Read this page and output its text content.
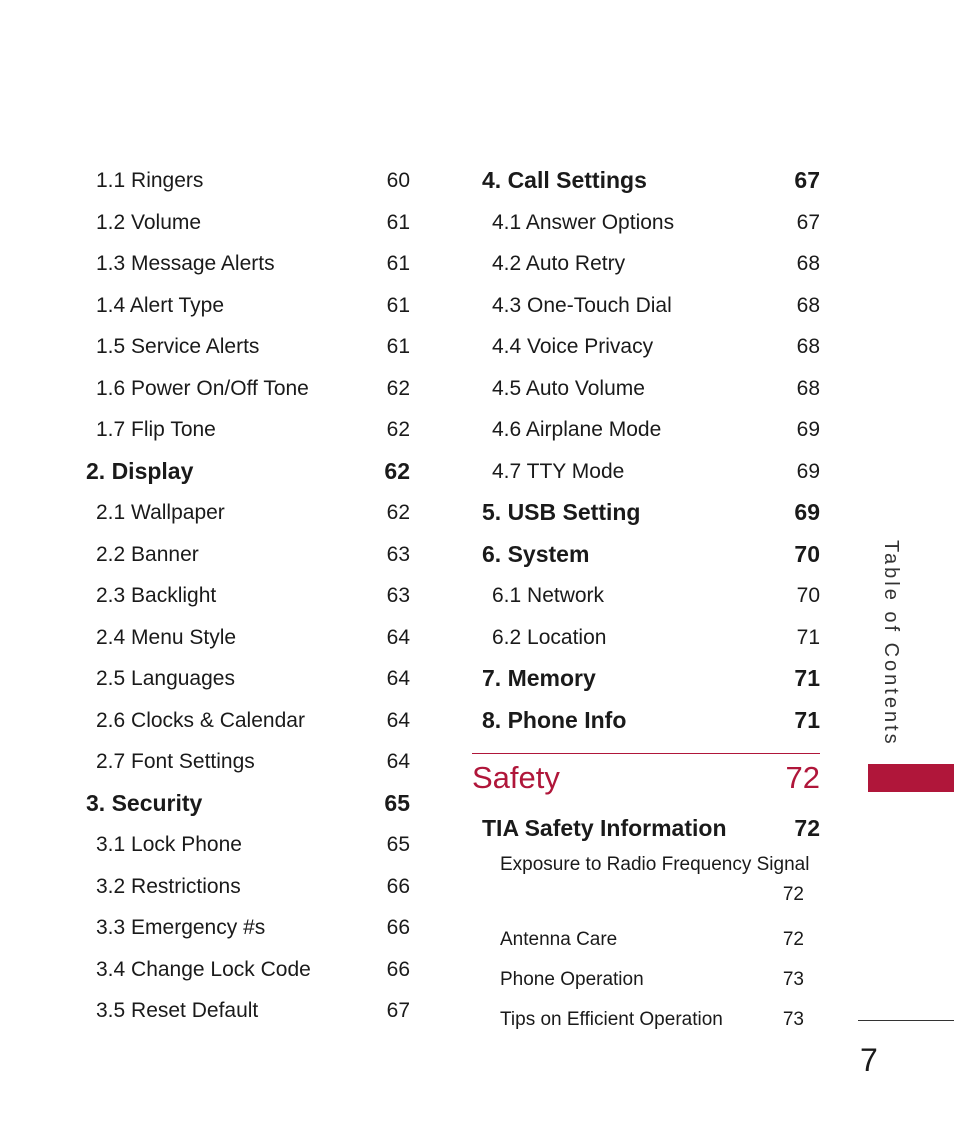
1.1 Ringers	60
1.2 Volume	61
1.3 Message Alerts	61
1.4 Alert Type	61
1.5 Service Alerts	61
1.6 Power On/Off Tone	62
1.7 Flip Tone	62
2. Display	62
2.1 Wallpaper	62
2.2 Banner	63
2.3 Backlight	63
2.4 Menu Style	64
2.5 Languages	64
2.6 Clocks & Calendar	64
2.7 Font Settings	64
3. Security	65
3.1 Lock Phone	65
3.2 Restrictions	66
3.3 Emergency #s	66
3.4 Change Lock Code	66
3.5 Reset Default	67
4. Call Settings	67
4.1 Answer Options	67
4.2 Auto Retry	68
4.3 One-Touch Dial	68
4.4 Voice Privacy	68
4.5 Auto Volume	68
4.6 Airplane Mode	69
4.7 TTY Mode	69
5. USB Setting	69
6. System	70
6.1 Network	70
6.2 Location	71
7. Memory	71
8. Phone Info	71
Safety	72
TIA Safety Information	72
Exposure to Radio Frequency Signal
72
Antenna Care	72
Phone Operation	73
Tips on Efficient Operation	73
Table of Contents
7
